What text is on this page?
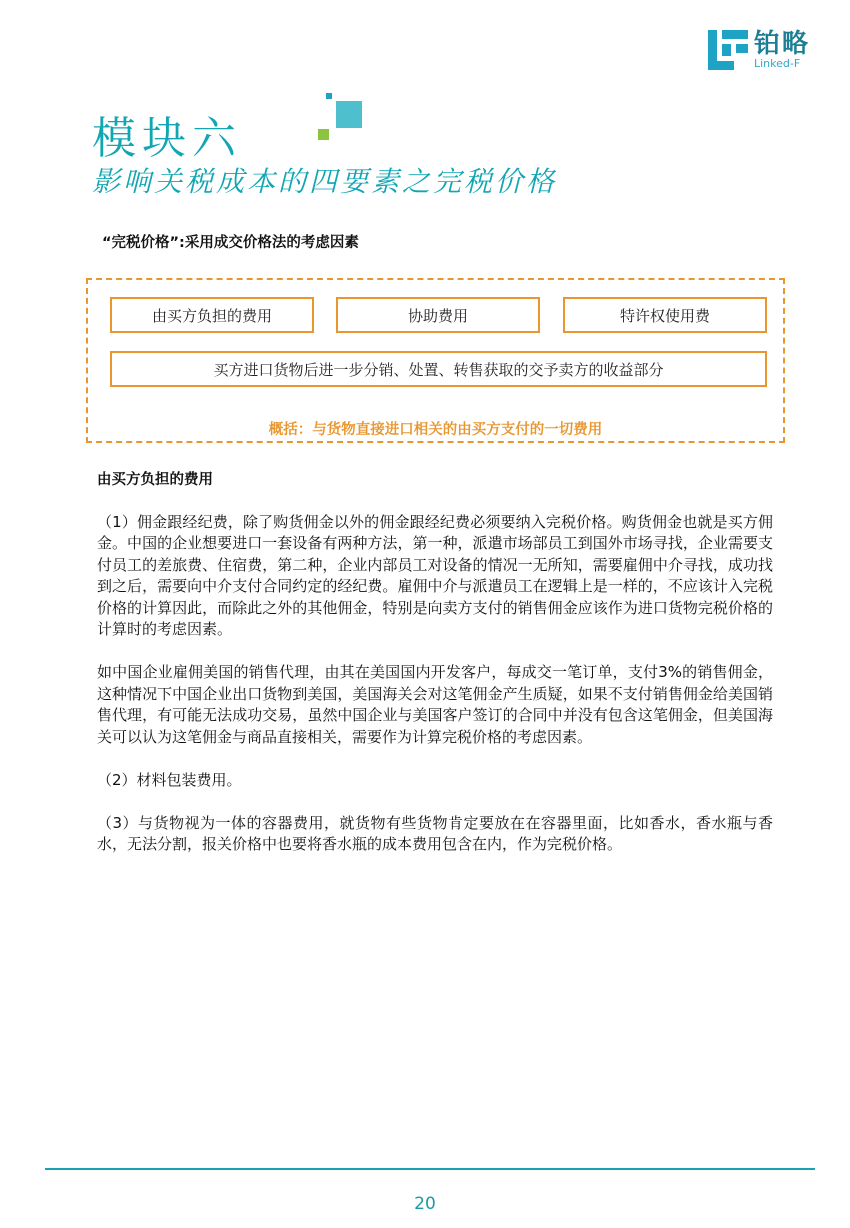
铂略
Linked-F
模块六
影响关税成本的四要素之完税价格
“完税价格”:采用成交价格法的考虑因素
由买方负担的费用	协助费用	特许权使用费
买方进口货物后进一步分销、处置、转售获取的交予卖方的收益部分
概括：与货物直接进口相关的由买方支付的一切费用
由买方负担的费用

（1）佣金跟经纪费，除了购货佣金以外的佣金跟经纪费必须要纳入完税价格。购货佣金也就是买方佣金。中国的企业想要进口一套设备有两种方法，第一种，派遣市场部员工到国外市场寻找，企业需要支付员工的差旅费、住宿费，第二种，企业内部员工对设备的情况一无所知，需要雇佣中介寻找，成功找到之后，需要向中介支付合同约定的经纪费。雇佣中介与派遣员工在逻辑上是一样的，不应该计入完税价格的计算因此，而除此之外的其他佣金，特别是向卖方支付的销售佣金应该作为进口货物完税价格的计算时的考虑因素。

如中国企业雇佣美国的销售代理，由其在美国国内开发客户，每成交一笔订单，支付3%的销售佣金，这种情况下中国企业出口货物到美国，美国海关会对这笔佣金产生质疑，如果不支付销售佣金给美国销售代理，有可能无法成功交易，虽然中国企业与美国客户签订的合同中并没有包含这笔佣金，但美国海关可以认为这笔佣金与商品直接相关，需要作为计算完税价格的考虑因素。

（2）材料包装费用。

（3）与货物视为一体的容器费用，就货物有些货物肯定要放在在容器里面，比如香水，香水瓶与香水，无法分割，报关价格中也要将香水瓶的成本费用包含在内，作为完税价格。

20
